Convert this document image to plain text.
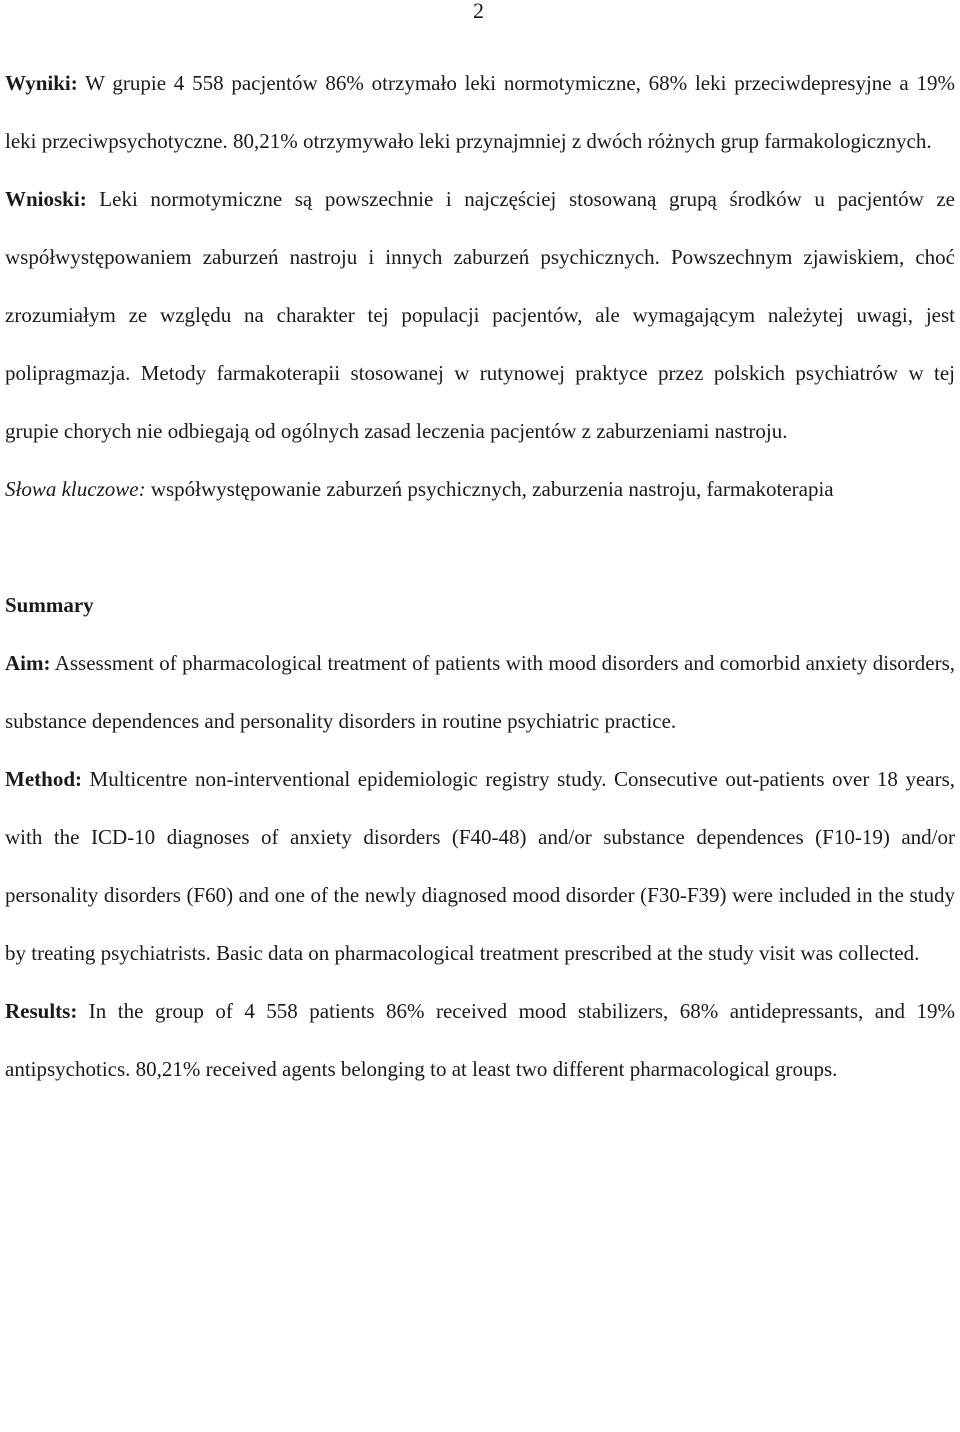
2

Wyniki: W grupie 4 558 pacjentów 86% otrzymało leki normotymiczne, 68% leki przeciwdepresyjne a 19% leki przeciwpsychotyczne. 80,21% otrzymywało leki przynajmniej z dwóch różnych grup farmakologicznych.

Wnioski: Leki normotymiczne są powszechnie i najczęściej stosowaną grupą środków u pacjentów ze współwystępowaniem zaburzeń nastroju i innych zaburzeń psychicznych. Powszechnym zjawiskiem, choć zrozumiałym ze względu na charakter tej populacji pacjentów, ale wymagającym należytej uwagi, jest polipragmazja. Metody farmakoterapii stosowanej w rutynowej praktyce przez polskich psychiatrów w tej grupie chorych nie odbiegają od ogólnych zasad leczenia pacjentów z zaburzeniami nastroju.

Słowa kluczowe: współwystępowanie zaburzeń psychicznych, zaburzenia nastroju, farmakoterapia

Summary

Aim: Assessment of pharmacological treatment of patients with mood disorders and comorbid anxiety disorders, substance dependences and personality disorders in routine psychiatric practice.

Method: Multicentre non-interventional epidemiologic registry study. Consecutive out-patients over 18 years, with the ICD-10 diagnoses of anxiety disorders (F40-48) and/or substance dependences (F10-19) and/or personality disorders (F60) and one of the newly diagnosed mood disorder (F30-F39) were included in the study by treating psychiatrists. Basic data on pharmacological treatment prescribed at the study visit was collected.

Results: In the group of 4 558 patients 86% received mood stabilizers, 68% antidepressants, and 19% antipsychotics. 80,21% received agents belonging to at least two different pharmacological groups.
